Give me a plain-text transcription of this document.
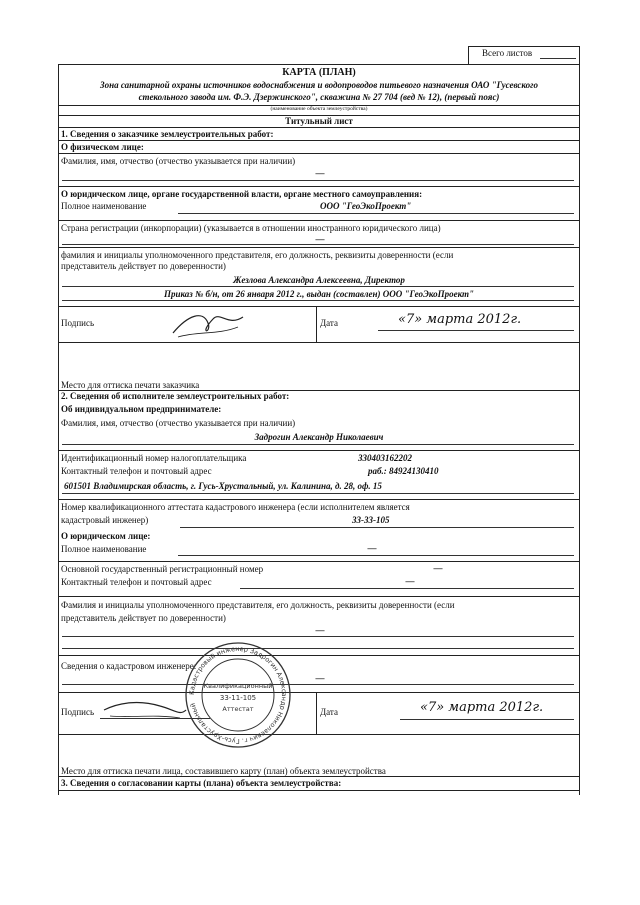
Всего листов
КАРТА (ПЛАН)
Зона санитарной охраны источников водоснабжения и водопроводов питьевого назначения ОАО "Гусевского
стекольного завода им. Ф.Э. Дзержинского", скважина № 27 704 (вед № 12), (первый пояс)
(наименование объекта землеустройства)
Титульный лист
1. Сведения о заказчике землеустроительных работ:
О физическом лице:
Фамилия, имя, отчество (отчество указывается при наличии)
—
О юридическом лице, органе государственной власти, органе местного самоуправления:
Полное наименование	ООО "ГеоЭкоПроект"
Страна регистрации (инкорпорации) (указывается в отношении иностранного юридического лица)
—
фамилия и инициалы уполномоченного представителя, его должность, реквизиты доверенности (если
представитель действует по доверенности)
Жезлова Александра Алексеевна, Директор
Приказ № б/н, от 26 января 2012 г., выдан (составлен) ООО "ГеоЭкоПроект"
Подпись	Дата	«7» марта 2012г.
Место для оттиска печати заказчика
2. Сведения об исполнителе землеустроительных работ:
Об индивидуальном предпринимателе:
Фамилия, имя, отчество (отчество указывается при наличии)
Задрогин Александр Николаевич
Идентификационный номер налогоплательщика	330403162202
Контактный телефон и почтовый адрес	раб.: 84924130410
601501 Владимирская область, г. Гусь-Хрустальный, ул. Калинина, д. 28, оф. 15
Номер квалификационного аттестата кадастрового инженера (если исполнителем является
кадастровый инженер)	33-33-105
О юридическом лице:
Полное наименование	—
Основной государственный регистрационный номер	—
Контактный телефон и почтовый адрес	—
Фамилия и инициалы уполномоченного представителя, его должность, реквизиты доверенности (если
представитель действует по доверенности)
—
Сведения о кадастровом инженере:
—
Подпись	Дата	«7» марта 2012г.
Место для оттиска печати лица, составившего карту (план) объекта землеустройства
3. Сведения о согласовании карты (плана) объекта землеустройства:
Кадастровый инженер Задрогин Александр Николаевич г. Гусь-Хрустальный
Квалификационный
33-11-105
Аттестат
